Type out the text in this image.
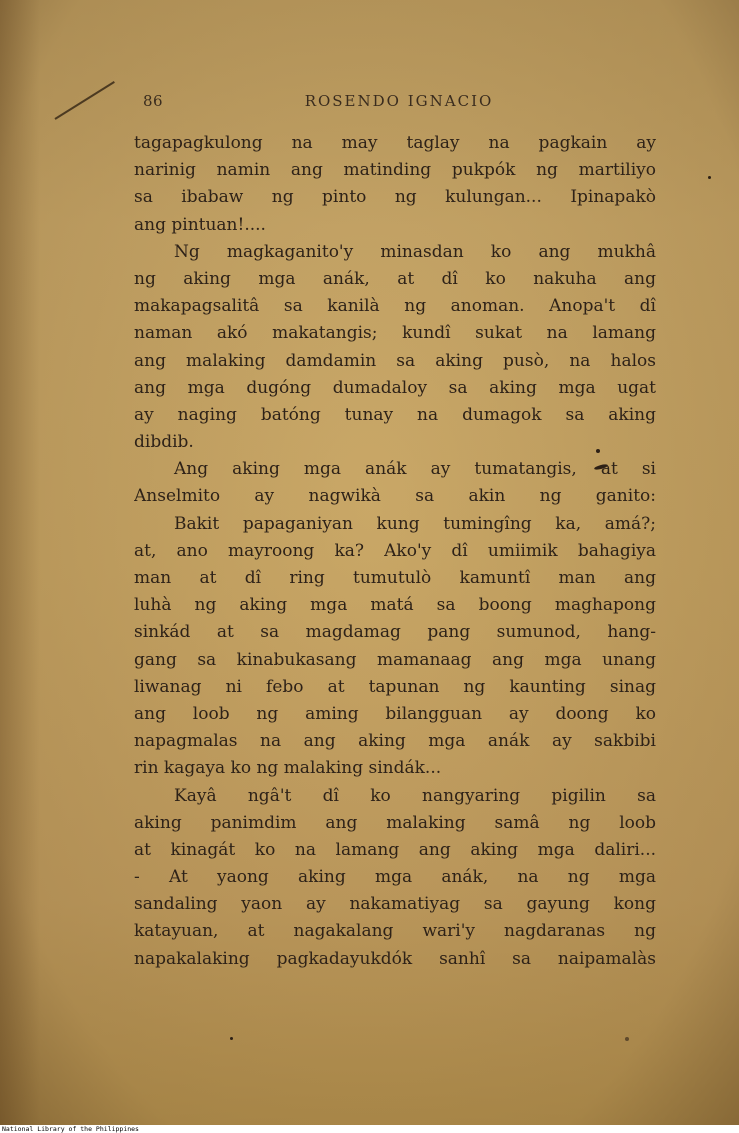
86	ROSENDO IGNACIO
tagapagkulong na may taglay na pagkain ay
narinig namin ang matinding pukpók ng martiliyo
sa ibabaw ng pinto ng kulungan... Ipinapakò
ang pintuan!....
Ng magkaganito'y minasdan ko ang mukhâ
ng aking mga anák, at dî ko nakuha ang
makapagsalitâ sa kanilà ng anoman. Anopa't dî
naman akó makatangis; kundî sukat na lamang
ang malaking damdamin sa aking pusò, na halos
ang mga dugóng dumadaloy sa aking mga ugat
ay naging batóng tunay na dumagok sa aking
dibdib.
Ang aking mga anák ay tumatangis, at si
Anselmito ay nagwikà sa akin ng ganito:
Bakit papaganiyan kung tumingîng ka, amá?;
at, ano mayroong ka? Ako'y dî umiimik bahagiya
man at dî ring tumutulò kamuntî man ang
luhà ng aking mga matá sa boong maghapong
sinkád at sa magdamag pang sumunod, hang-
gang sa kinabukasang mamanaag ang mga unang
liwanag ni febo at tapunan ng kaunting sinag
ang loob ng aming bilangguan ay doong ko
napagmalas na ang aking mga anák ay sakbibi
rin kagaya ko ng malaking sindák...
Kayâ ngâ't dî ko nangyaring pigilin sa
aking panimdim ang malaking samâ ng loob
at kinagát ko na lamang ang aking mga daliri...
- At yaong aking mga anák, na ng mga
sandaling yaon ay nakamatiyag sa gayung kong
katayuan, at nagakalang wari'y nagdaranas ng
napakalaking pagkadayukdók sanhî sa naipamalàs
National Library of the Philippines
